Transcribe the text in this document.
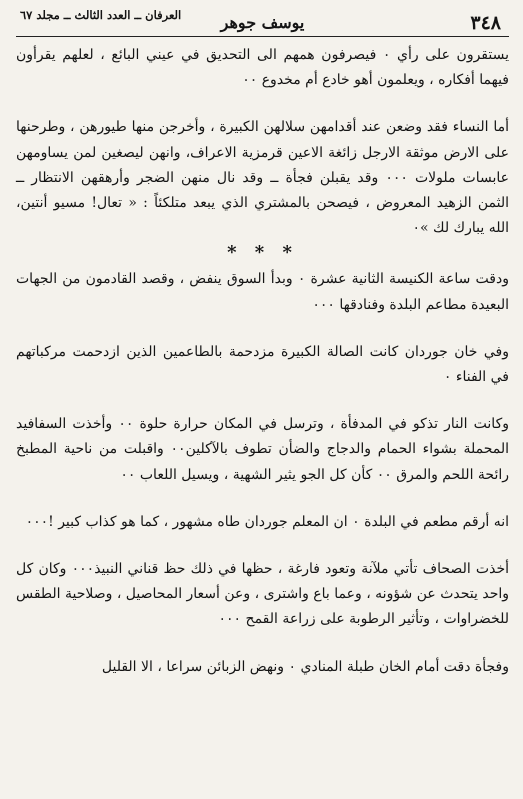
٣٤٨
يوسف جوهر
العرفان ــ العدد الثالث ــ مجلد ٦٧

يستقرون على رأي ٠ فيصرفون همهم الى التحديق في عيني البائع ، لعلهم يقرأون فيهما أفكاره ، ويعلمون أهو خادع أم مخدوع ٠٠

أما النساء فقد وضعن عند أقدامهن سلالهن الكبيرة ، وأخرجن منها طيورهن ، وطرحنها على الارض موثقة الارجل زائغة الاعين قرمزية الاعراف، وانهن ليصغين لمن يساومهن عابسات ملولات ٠٠٠ وقد يقبلن فجأة ــ وقد نال منهن الضجر وأرهقهن الانتظار ــ الثمن الزهيد المعروض ، فيصحن بالمشتري الذي يبعد متلكئاً : « تعال! مسيو أنتين، الله يبارك لك »٠

* * *

ودقت ساعة الكنيسة الثانية عشرة ٠ وبدأ السوق ينفض ، وقصد القادمون من الجهات البعيدة مطاعم البلدة وفنادقها ٠٠٠

وفي خان جوردان كانت الصالة الكبيرة مزدحمة بالطاعمين الذين ازدحمت مركباتهم في الفناء ٠

وكانت النار تذكو في المدفأة ، وترسل في المكان حرارة حلوة ٠٠ وأخذت السفافيد المحملة بشواء الحمام والدجاج والضأن تطوف بالآكلين٠٠ واقبلت من ناحية المطبخ رائحة اللحم والمرق ٠٠ كأن كل الجو يثير الشهية ، ويسيل اللعاب ٠٠

انه أرقم مطعم في البلدة ٠ ان المعلم جوردان طاه مشهور ، كما هو كذاب كبير !٠٠٠

أخذت الصحاف تأتي ملآنة وتعود فارغة ، حظها في ذلك حظ قناني النبيذ٠٠٠ وكان كل واحد يتحدث عن شؤونه ، وعما باع واشترى ، وعن أسعار المحاصيل ، وصلاحية الطقس للخضراوات ، وتأثير الرطوبة على زراعة القمح ٠٠٠

وفجأة دقت أمام الخان طبلة المنادي ٠ ونهض الزبائن سراعا ، الا القليل
